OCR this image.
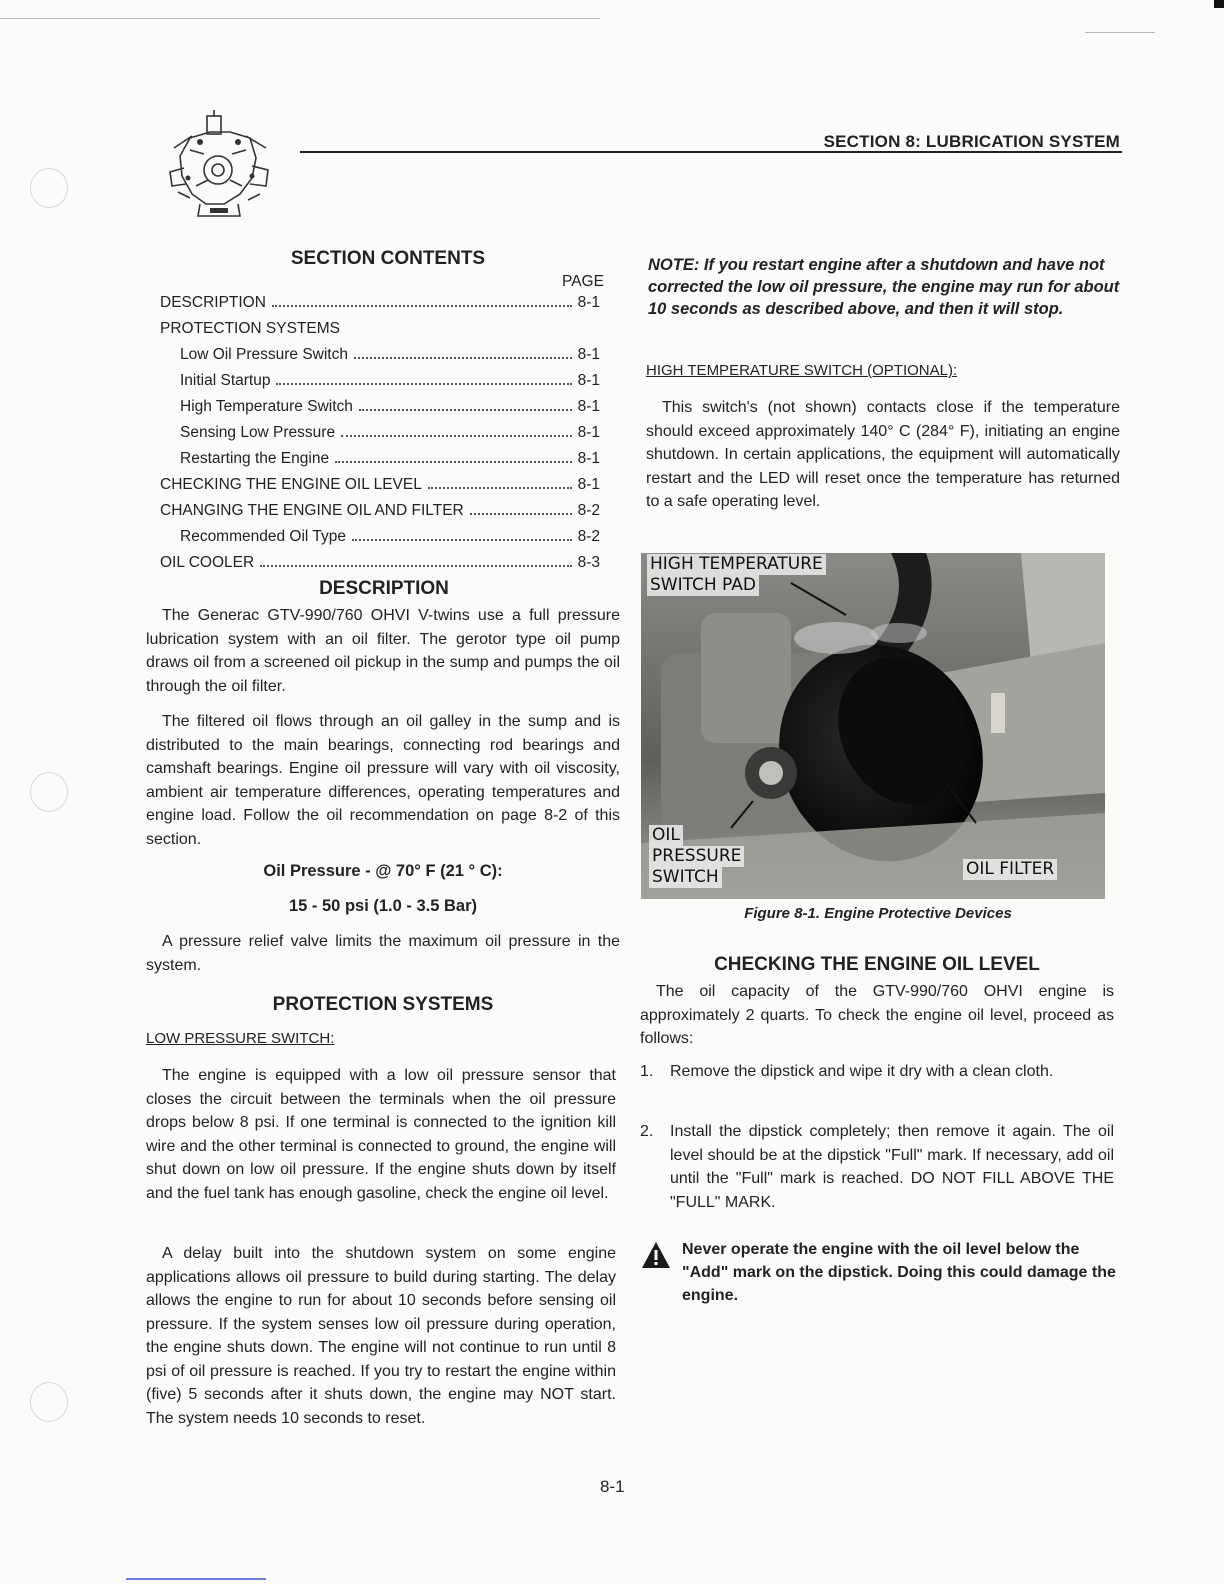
SECTION 8: LUBRICATION SYSTEM
SECTION CONTENTS
PAGE
DESCRIPTION	8-1
PROTECTION SYSTEMS
Low Oil Pressure Switch	8-1
Initial Startup	8-1
High Temperature Switch	8-1
Sensing Low Pressure	8-1
Restarting the Engine	8-1
CHECKING THE ENGINE OIL LEVEL	8-1
CHANGING THE ENGINE OIL AND FILTER	8-2
Recommended Oil Type	8-2
OIL COOLER	8-3
DESCRIPTION

The Generac GTV-990/760 OHVI V-twins use a full pressure lubrication system with an oil filter. The gerotor type oil pump draws oil from a screened oil pickup in the sump and pumps the oil through the oil filter.

The filtered oil flows through an oil galley in the sump and is distributed to the main bearings, connecting rod bearings and camshaft bearings. Engine oil pressure will vary with oil viscosity, ambient air temperature differences, operating temperatures and engine load. Follow the oil recommendation on page 8-2 of this section.

Oil Pressure - @ 70° F (21 ° C):
15 - 50 psi (1.0 - 3.5 Bar)

A pressure relief valve limits the maximum oil pressure in the system.

PROTECTION SYSTEMS
LOW PRESSURE SWITCH:

The engine is equipped with a low oil pressure sensor that closes the circuit between the terminals when the oil pressure drops below 8 psi. If one terminal is connected to the ignition kill wire and the other terminal is connected to ground, the engine will shut down on low oil pressure. If the engine shuts down by itself and the fuel tank has enough gasoline, check the engine oil level.

A delay built into the shutdown system on some engine applications allows oil pressure to build during starting. The delay allows the engine to run for about 10 seconds before sensing oil pressure. If the system senses low oil pressure during operation, the engine shuts down. The engine will not continue to run until 8 psi of oil pressure is reached. If you try to restart the engine within (five) 5 seconds after it shuts down, the engine may NOT start. The system needs 10 seconds to reset.

NOTE: If you restart engine after a shutdown and have not corrected the low oil pressure, the engine may run for about 10 seconds as described above, and then it will stop.

HIGH TEMPERATURE SWITCH (OPTIONAL):

This switch's (not shown) contacts close if the temperature should exceed approximately 140° C (284° F), initiating an engine shutdown. In certain applications, the equipment will automatically restart and the LED will reset once the temperature has returned to a safe operating level.

HIGH TEMPERATURE
SWITCH PAD
OIL
PRESSURE
SWITCH	OIL FILTER
Figure 8-1. Engine Protective Devices
CHECKING THE ENGINE OIL LEVEL

The oil capacity of the GTV-990/760 OHVI engine is approximately 2 quarts. To check the engine oil level, proceed as follows:

1.	Remove the dipstick and wipe it dry with a clean cloth.
2.	Install the dipstick completely; then remove it again. The oil level should be at the dipstick "Full" mark. If necessary, add oil until the "Full" mark is reached. DO NOT FILL ABOVE THE "FULL" MARK.

Never operate the engine with the oil level below the "Add" mark on the dipstick. Doing this could damage the engine.

8-1
